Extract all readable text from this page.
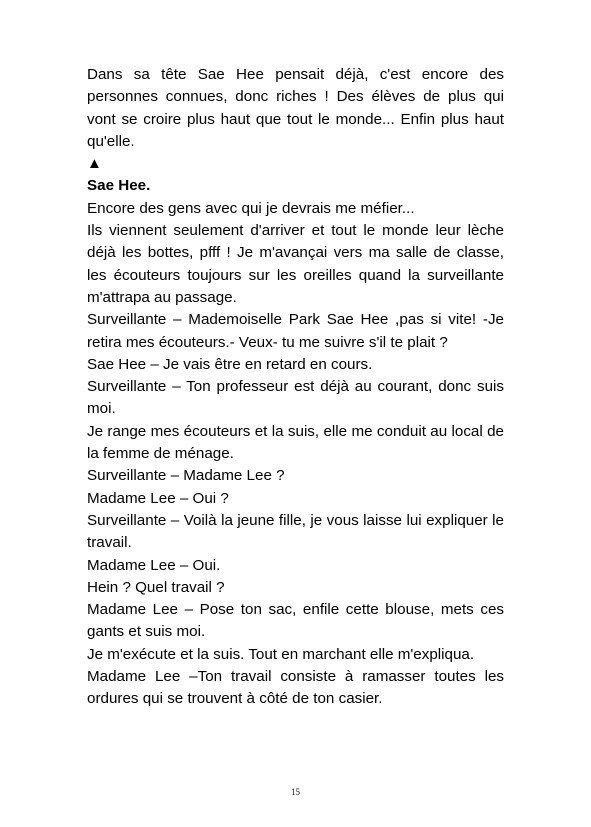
Dans sa tête Sae Hee pensait déjà, c'est encore des personnes connues, donc riches ! Des élèves de plus qui vont se croire plus haut que tout le monde... Enfin plus haut qu'elle.

▲

Sae Hee.

Encore des gens avec qui je devrais me méfier...

Ils viennent seulement d'arriver et tout le monde leur lèche déjà les bottes, pfff ! Je m'avançai vers ma salle de classe, les écouteurs toujours sur les oreilles quand la surveillante m'attrapa au passage.

Surveillante – Mademoiselle Park Sae Hee ,pas si vite! -Je retira mes écouteurs.- Veux- tu me suivre s'il te plait ?

Sae Hee – Je vais être en retard en cours.

Surveillante – Ton professeur est déjà au courant, donc suis moi.

Je range mes écouteurs et la suis, elle me conduit au local de la femme de ménage.

Surveillante – Madame Lee ?

Madame Lee – Oui ?

Surveillante – Voilà la jeune fille, je vous laisse lui expliquer le travail.

Madame Lee – Oui.

Hein ? Quel travail ?

Madame Lee – Pose ton sac, enfile cette blouse, mets ces gants et suis moi.

Je m'exécute et la suis. Tout en marchant elle m'expliqua.

Madame Lee –Ton travail consiste à ramasser toutes les ordures qui se trouvent à côté de ton casier.

15
